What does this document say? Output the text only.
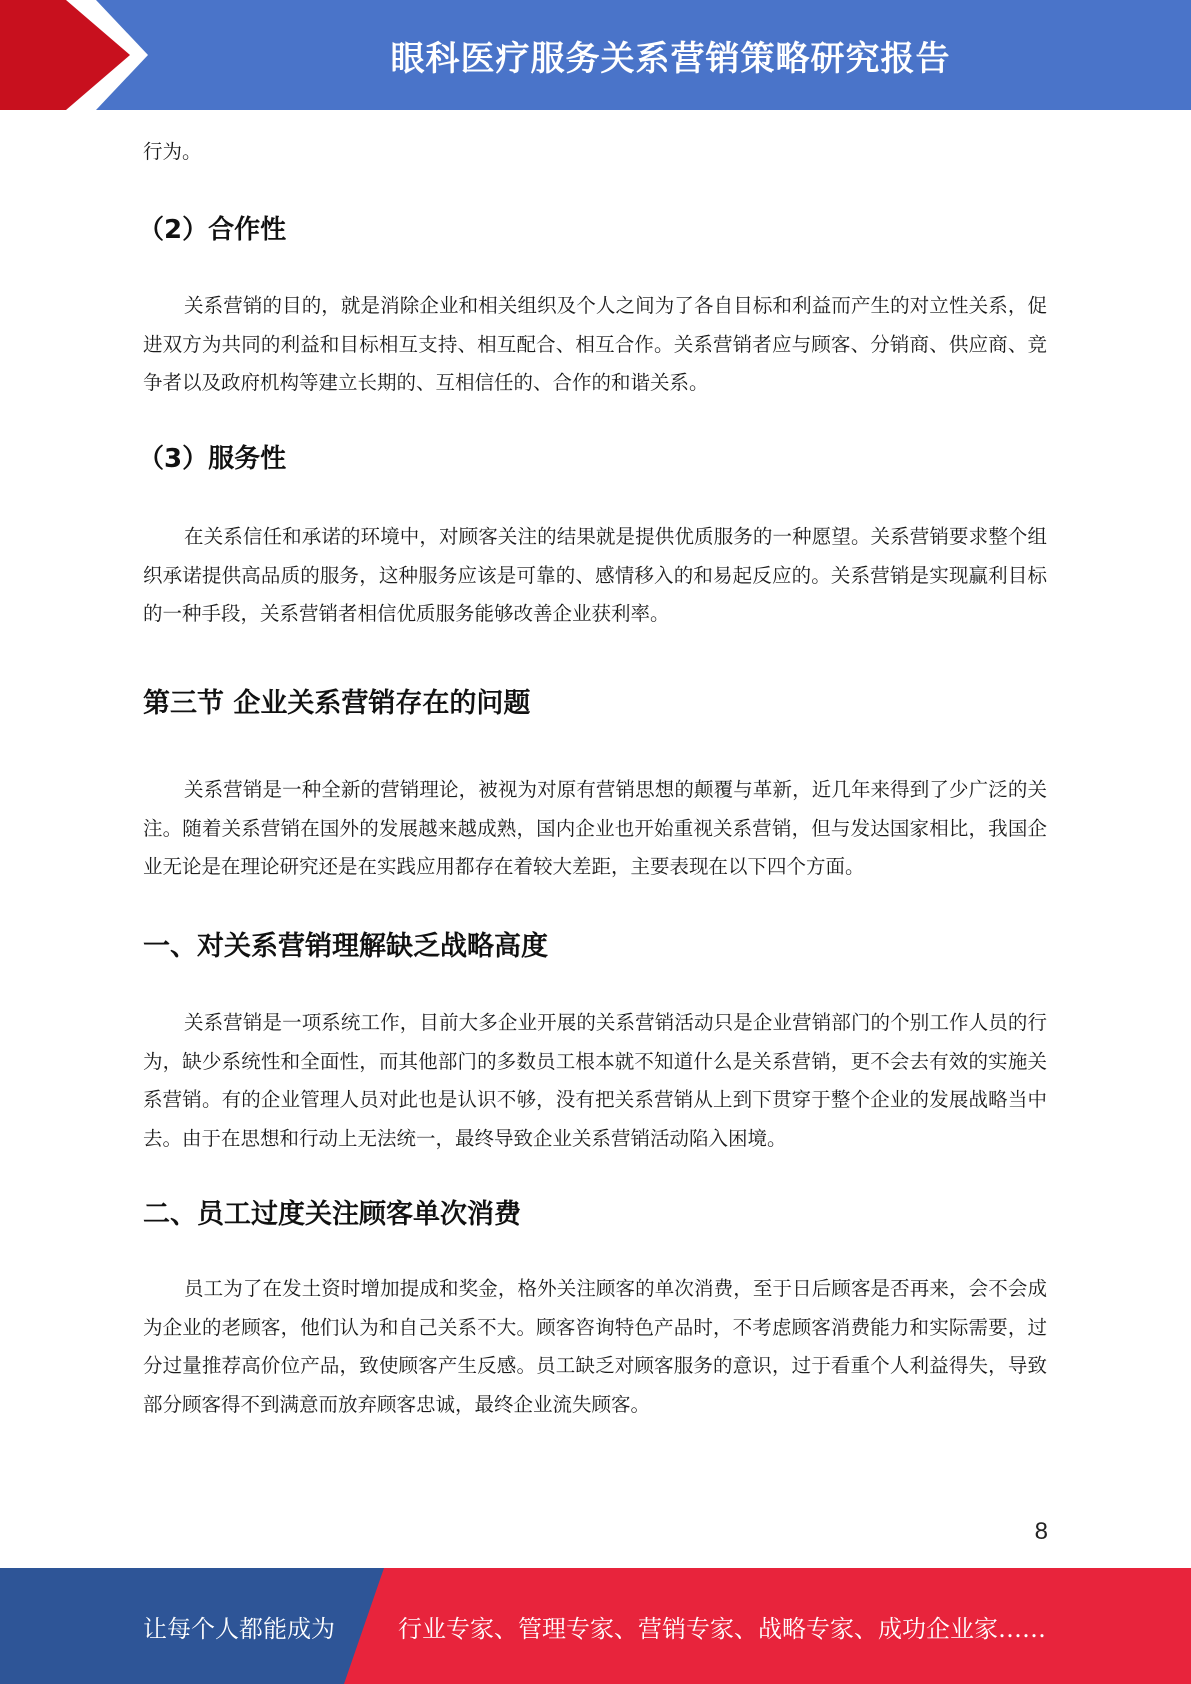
眼科医疗服务关系营销策略研究报告
行为。
（2）合作性
关系营销的目的，就是消除企业和相关组织及个人之间为了各自目标和利益而产生的对立性关系，促进双方为共同的利益和目标相互支持、相互配合、相互合作。关系营销者应与顾客、分销商、供应商、竞争者以及政府机构等建立长期的、互相信任的、合作的和谐关系。
（3）服务性
在关系信任和承诺的环境中，对顾客关注的结果就是提供优质服务的一种愿望。关系营销要求整个组织承诺提供高品质的服务，这种服务应该是可靠的、感情移入的和易起反应的。关系营销是实现赢利目标的一种手段，关系营销者相信优质服务能够改善企业获利率。
第三节 企业关系营销存在的问题
关系营销是一种全新的营销理论，被视为对原有营销思想的颠覆与革新，近几年来得到了少广泛的关注。随着关系营销在国外的发展越来越成熟，国内企业也开始重视关系营销，但与发达国家相比，我国企业无论是在理论研究还是在实践应用都存在着较大差距，主要表现在以下四个方面。
一、对关系营销理解缺乏战略高度
关系营销是一项系统工作，目前大多企业开展的关系营销活动只是企业营销部门的个别工作人员的行为，缺少系统性和全面性，而其他部门的多数员工根本就不知道什么是关系营销，更不会去有效的实施关系营销。有的企业管理人员对此也是认识不够，没有把关系营销从上到下贯穿于整个企业的发展战略当中去。由于在思想和行动上无法统一，最终导致企业关系营销活动陷入困境。
二、员工过度关注顾客单次消费
员工为了在发土资时增加提成和奖金，格外关注顾客的单次消费，至于日后顾客是否再来，会不会成为企业的老顾客，他们认为和自己关系不大。顾客咨询特色产品时，不考虑顾客消费能力和实际需要，过分过量推荐高价位产品，致使顾客产生反感。员工缺乏对顾客服务的意识，过于看重个人利益得失，导致部分顾客得不到满意而放弃顾客忠诚，最终企业流失顾客。
8
让每个人都能成为	行业专家、管理专家、营销专家、战略专家、成功企业家……
